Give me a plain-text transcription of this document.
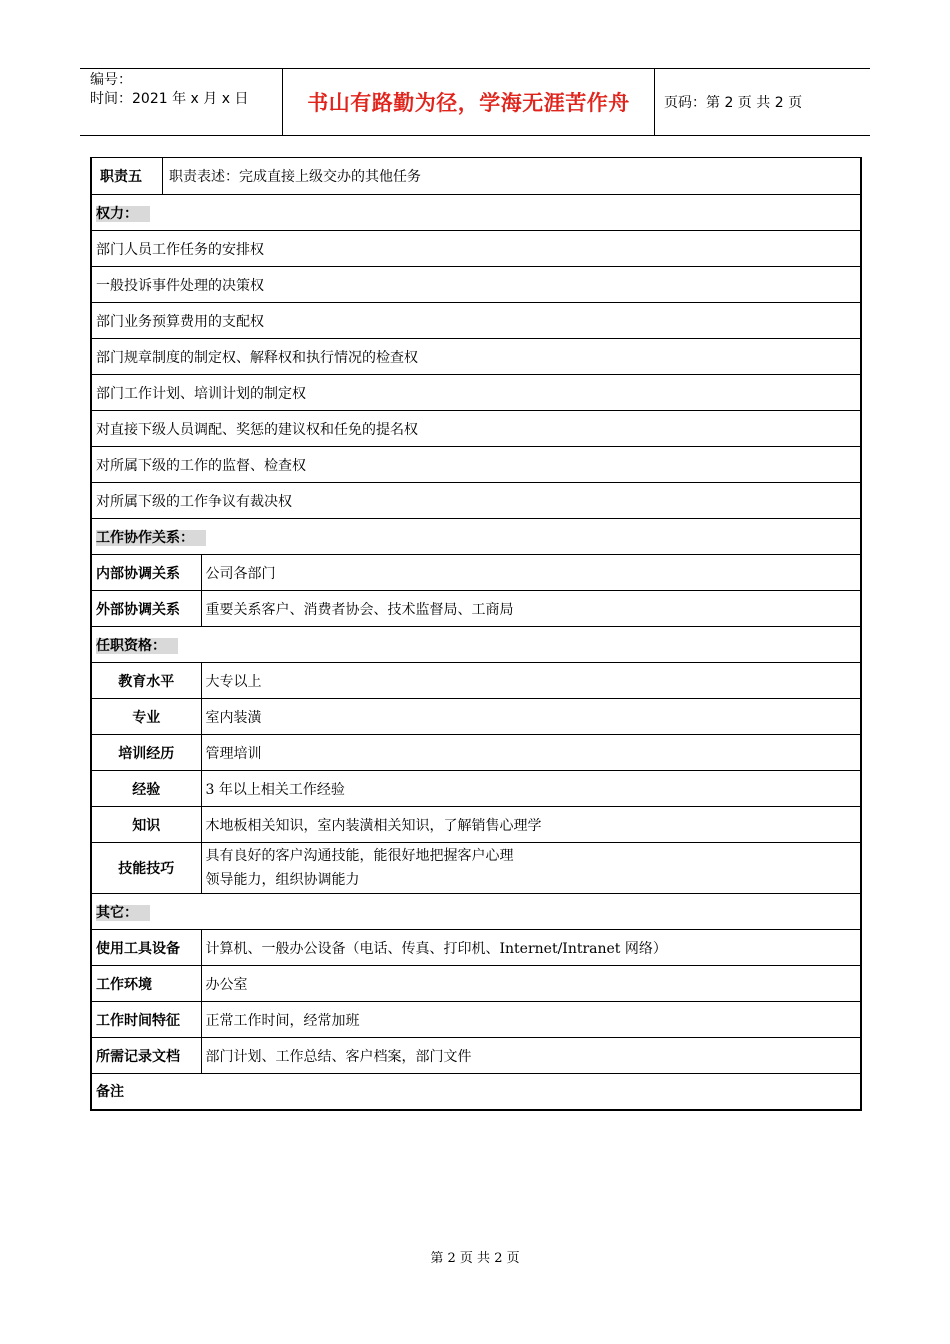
编号：
时间：2021 年 x 月 x 日	书山有路勤为径，学海无涯苦作舟	页码：第 2 页 共 2 页
职责五 职责表述：完成直接上级交办的其他任务	

权力：	
部门人员工作任务的安排权	
一般投诉事件处理的决策权	
部门业务预算费用的支配权	
部门规章制度的制定权、解释权和执行情况的检查权	
部门工作计划、培训计划的制定权	
对直接下级人员调配、奖惩的建议权和任免的提名权	
对所属下级的工作的监督、检查权	
对所属下级的工作争议有裁决权	
工作协作关系：	
内部协调关系	公司各部门
外部协调关系	重要关系客户、消费者协会、技术监督局、工商局
任职资格：	
教育水平	大专以上
专业	室内装潢
培训经历	管理培训
经验	3 年以上相关工作经验
知识	木地板相关知识，室内装潢相关知识，了解销售心理学
技能技巧	具有良好的客户沟通技能，能很好地把握客户心理
领导能力，组织协调能力

其它：	
使用工具设备	计算机、一般办公设备（电话、传真、打印机、Internet/Intranet 网络）
工作环境	办公室
工作时间特征	正常工作时间，经常加班
所需记录文档	部门计划、工作总结、客户档案，部门文件
备注	
第 2 页 共 2 页
